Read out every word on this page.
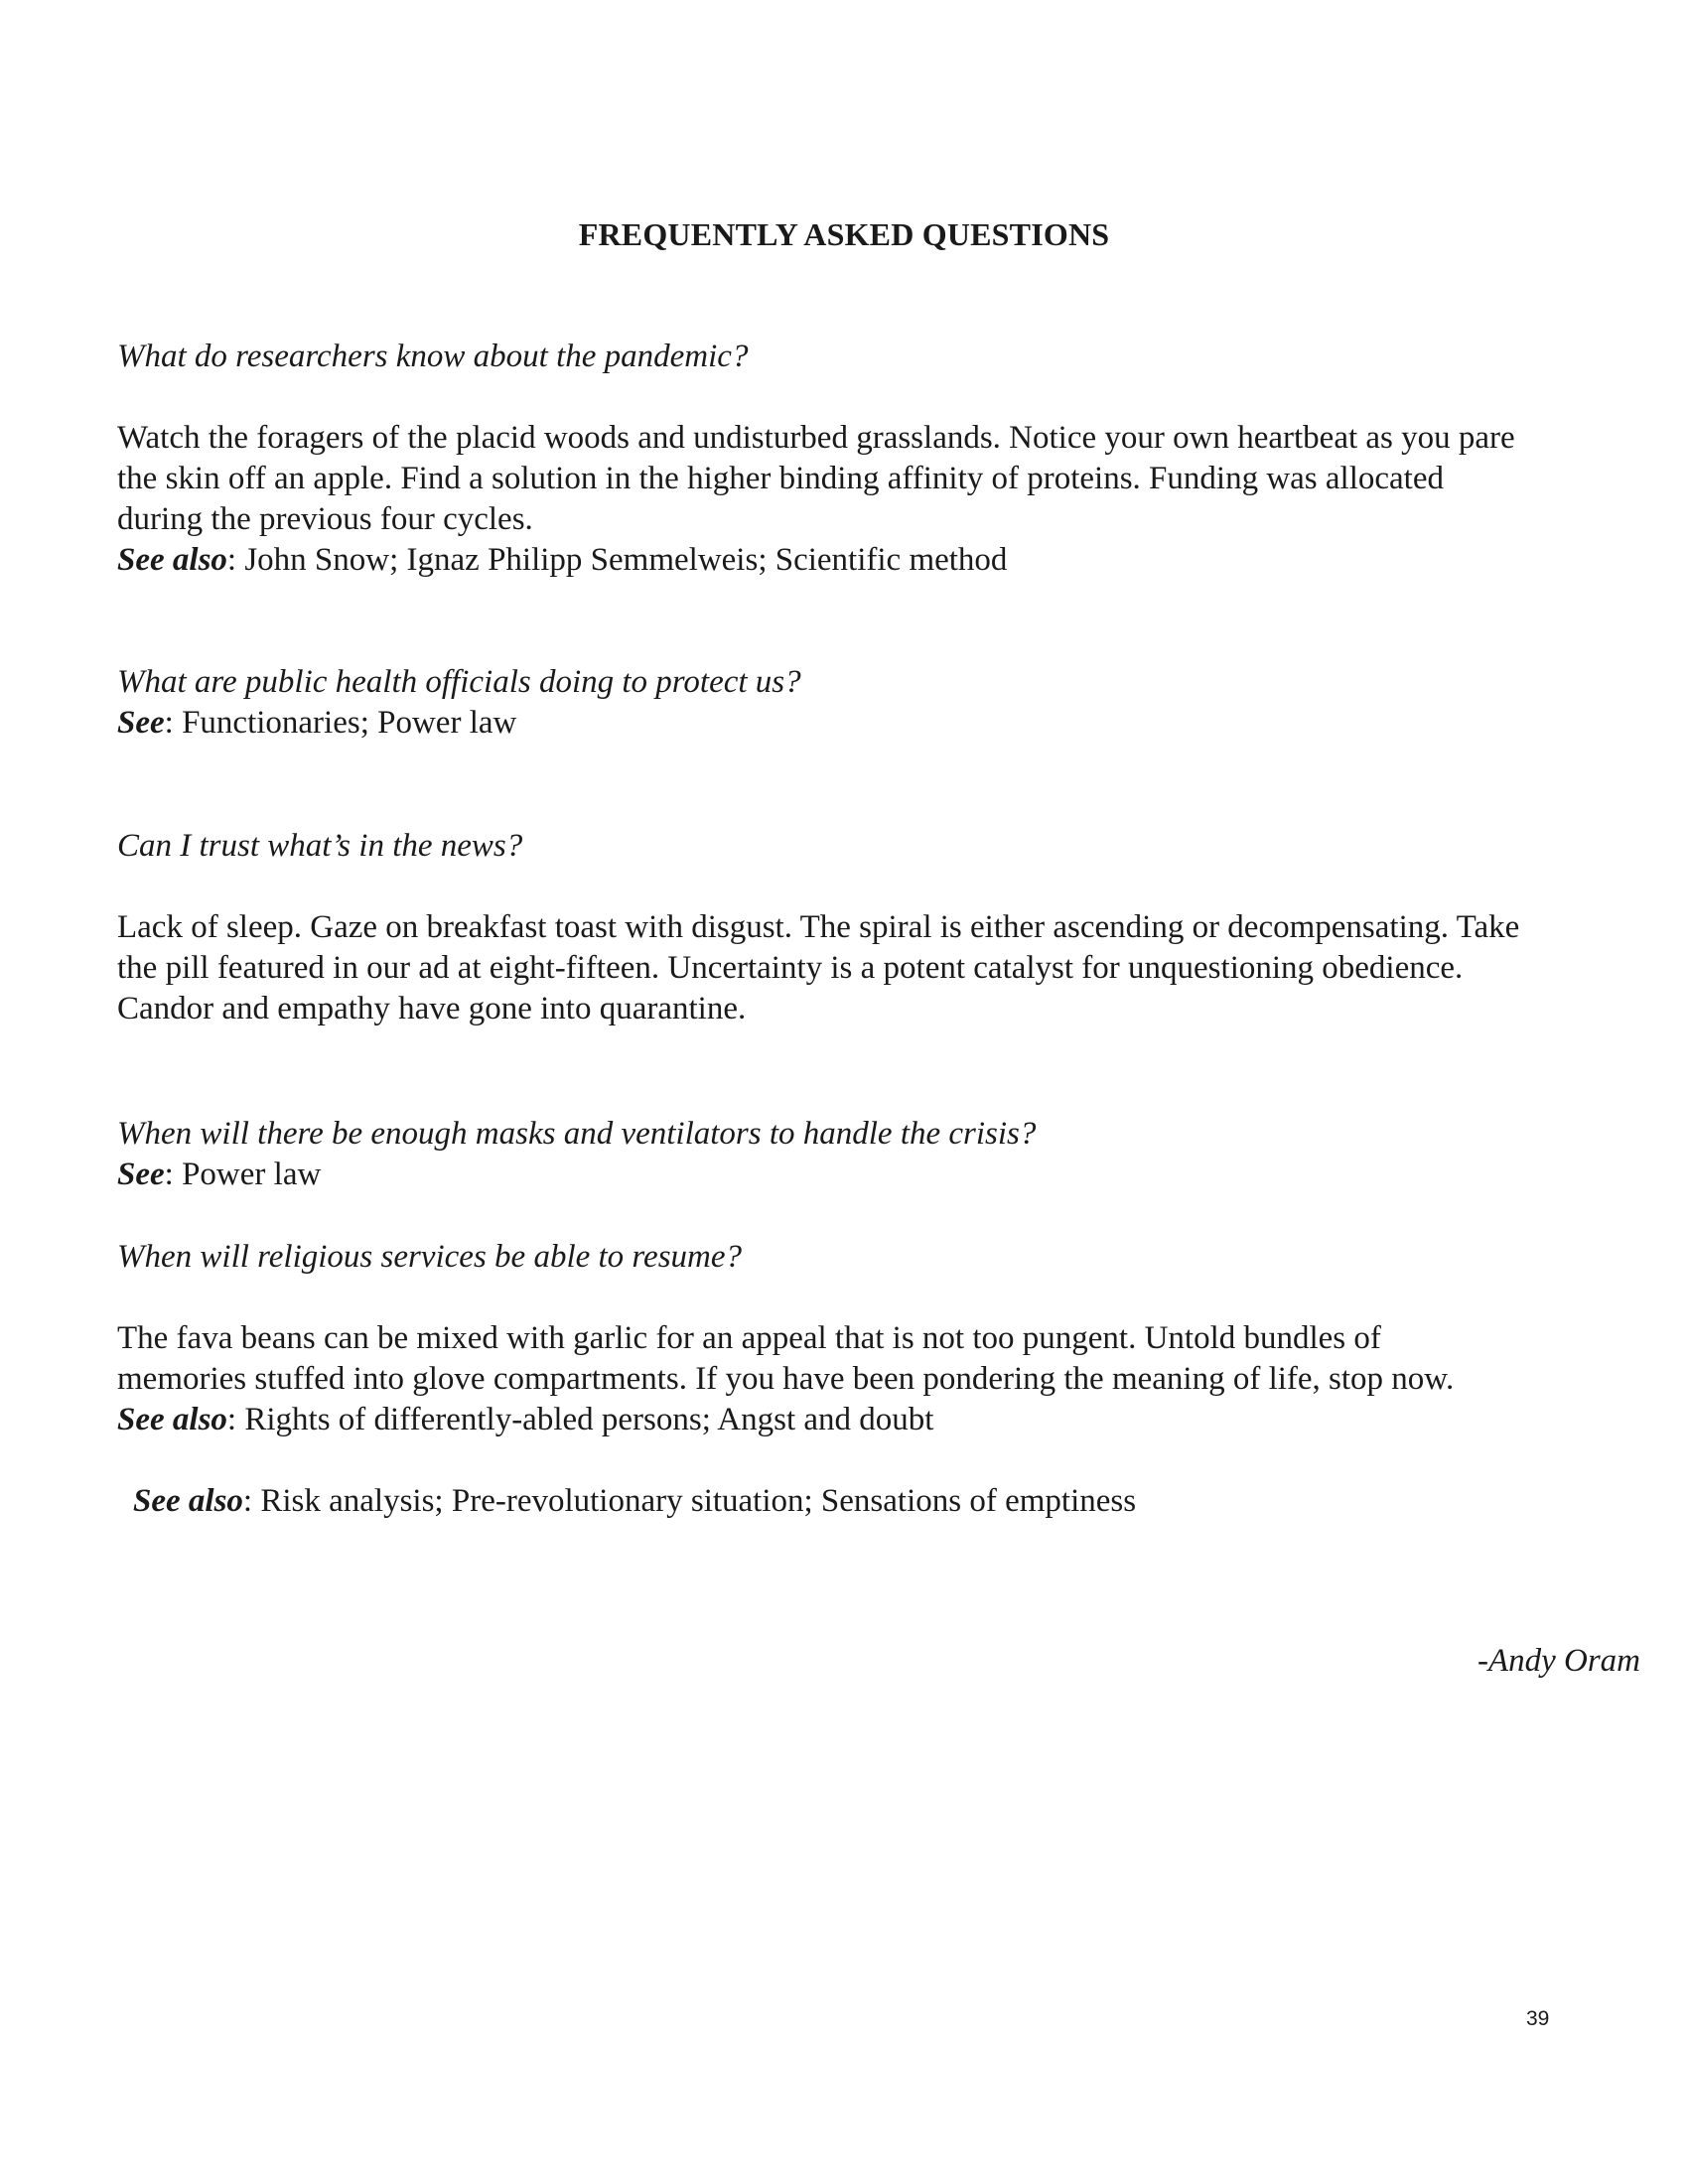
FREQUENTLY ASKED QUESTIONS
What do researchers know about the pandemic?
Watch the foragers of the placid woods and undisturbed grasslands. Notice your own heartbeat as you pare
the skin off an apple. Find a solution in the higher binding affinity of proteins. Funding was allocated
during the previous four cycles.
See also: John Snow; Ignaz Philipp Semmelweis; Scientific method
What are public health officials doing to protect us?
See: Functionaries; Power law
Can I trust what’s in the news?
Lack of sleep. Gaze on breakfast toast with disgust. The spiral is either ascending or decompensating. Take
the pill featured in our ad at eight-fifteen. Uncertainty is a potent catalyst for unquestioning obedience.
Candor and empathy have gone into quarantine.
When will there be enough masks and ventilators to handle the crisis?
See: Power law
When will religious services be able to resume?
The fava beans can be mixed with garlic for an appeal that is not too pungent. Untold bundles of
memories stuffed into glove compartments. If you have been pondering the meaning of life, stop now.
See also: Rights of differently-abled persons; Angst and doubt
See also: Risk analysis; Pre-revolutionary situation; Sensations of emptiness
-Andy Oram
39
